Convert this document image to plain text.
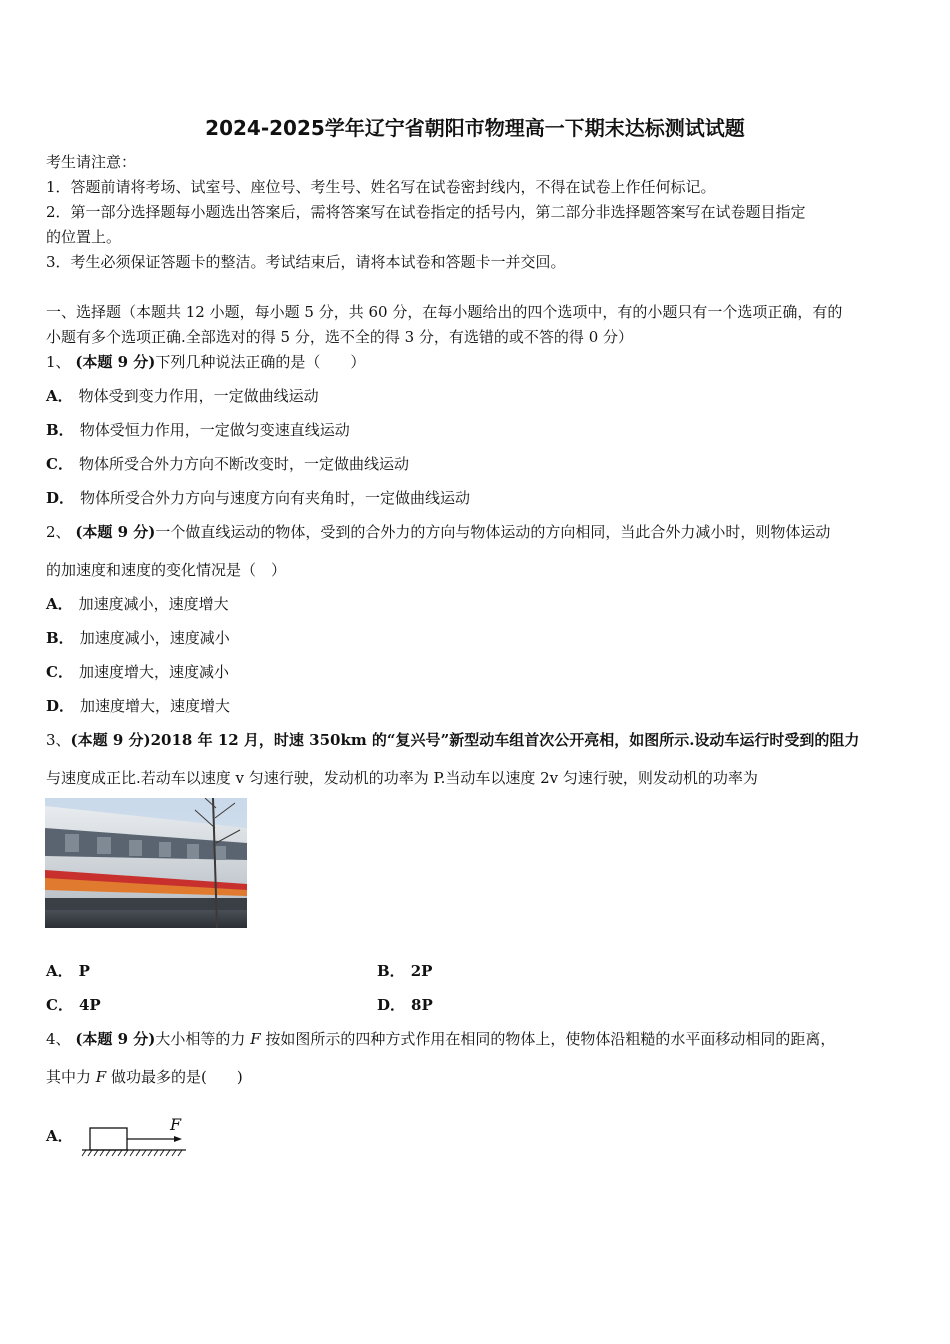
2024-2025学年辽宁省朝阳市物理高一下期末达标测试试题
考生请注意：
1．答题前请将考场、试室号、座位号、考生号、姓名写在试卷密封线内，不得在试卷上作任何标记。
2．第一部分选择题每小题选出答案后，需将答案写在试卷指定的括号内，第二部分非选择题答案写在试卷题目指定
的位置上。
3．考生必须保证答题卡的整洁。考试结束后，请将本试卷和答题卡一并交回。
一、选择题（本题共 12 小题，每小题 5 分，共 60 分，在每小题给出的四个选项中，有的小题只有一个选项正确，有的
小题有多个选项正确.全部选对的得 5 分，选不全的得 3 分，有选错的或不答的得 0 分）
1、 (本题 9 分)下列几种说法正确的是（　　）
A． 物体受到变力作用，一定做曲线运动
B． 物体受恒力作用，一定做匀变速直线运动
C． 物体所受合外力方向不断改变时，一定做曲线运动
D． 物体所受合外力方向与速度方向有夹角时，一定做曲线运动
2、 (本题 9 分)一个做直线运动的物体，受到的合外力的方向与物体运动的方向相同，当此合外力减小时，则物体运动
的加速度和速度的变化情况是（　）
A． 加速度减小，速度增大
B． 加速度减小，速度减小
C． 加速度增大，速度减小
D． 加速度增大，速度增大
3、(本题 9 分)2018 年 12 月，时速 350km 的“复兴号”新型动车组首次公开亮相，如图所示.设动车运行时受到的阻力
与速度成正比.若动车以速度 v 匀速行驶，发动机的功率为 P.当动车以速度 2v 匀速行驶，则发动机的功率为
A． P	B． 2P
C． 4P	D． 8P
4、 (本题 9 分)大小相等的力 F 按如图所示的四种方式作用在相同的物体上，使物体沿粗糙的水平面移动相同的距离，
其中力 F 做功最多的是(　　)
A．
F
